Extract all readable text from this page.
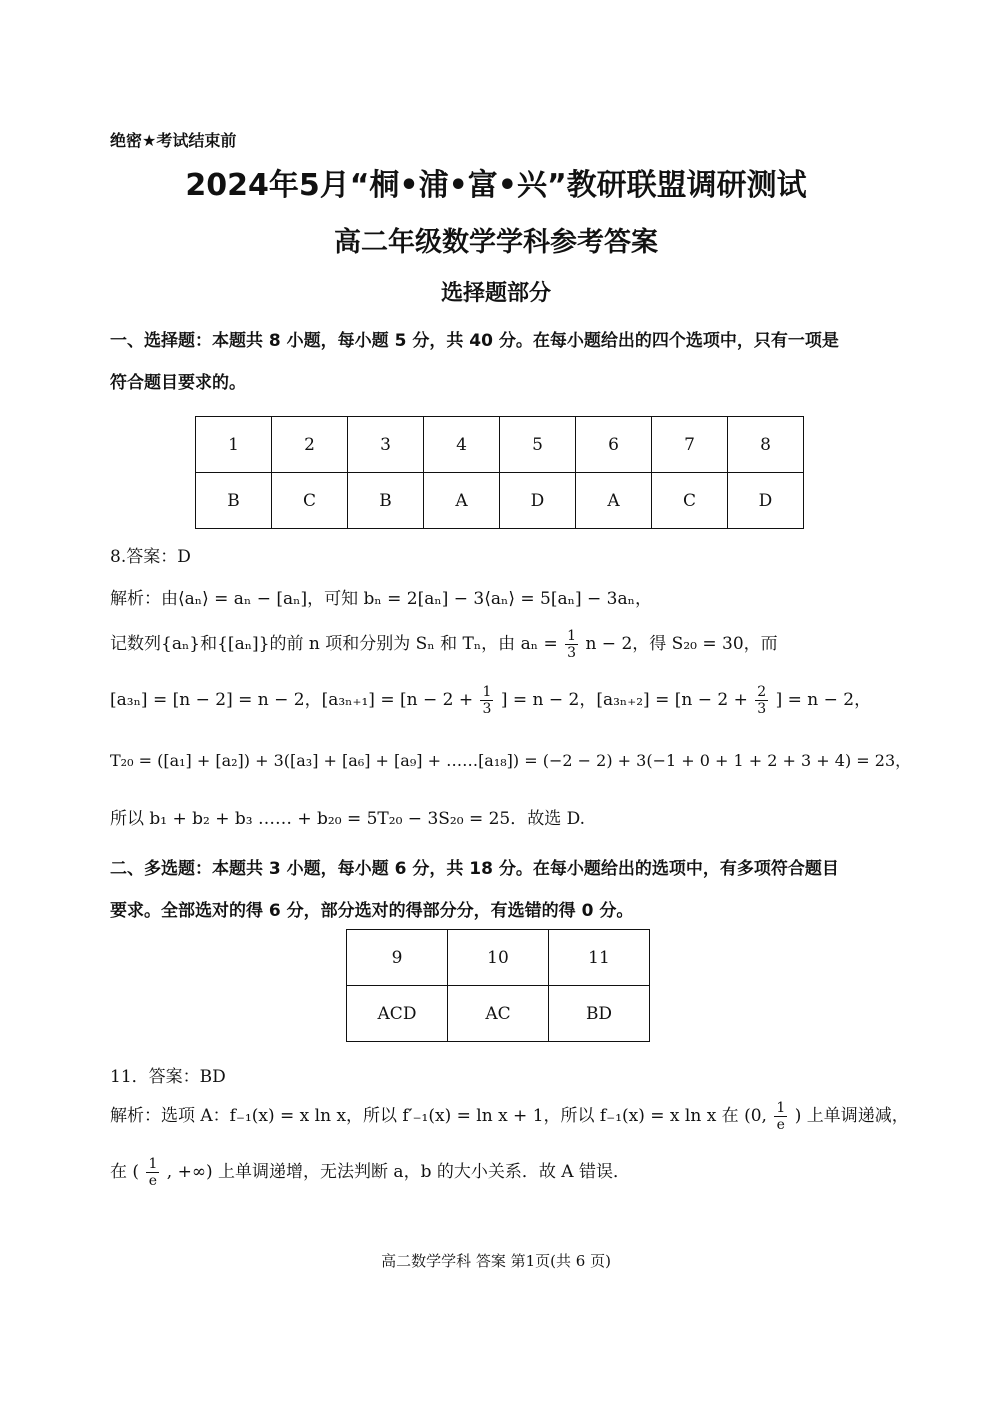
绝密★考试结束前
2024年5月“桐•浦•富•兴”教研联盟调研测试
高二年级数学学科参考答案
选择题部分
一、选择题：本题共 8 小题，每小题 5 分，共 40 分。在每小题给出的四个选项中，只有一项是
符合题目要求的。
1	2	3	4	5	6	7	8
B	C	B	A	D	A	C	D
8.答案：D
解析：由⟨aₙ⟩ = aₙ − [aₙ]，可知 bₙ = 2[aₙ] − 3⟨aₙ⟩ = 5[aₙ] − 3aₙ，
记数列{aₙ}和{[aₙ]}的前 n 项和分别为 Sₙ 和 Tₙ，由 $a_n = \frac{1}{3}$ n − 2，得 S₂₀ = 30，而
[a₃ₙ] = [n − 2] = n − 2，$[a_{3n+1}] = [n - 2 + \frac{1}{3}$ ] = n − 2，$[a_{3n+2}] = [n - 2 + \frac{2}{3}$ ] = n − 2，
T₂₀ = ([a₁] + [a₂]) + 3([a₃] + [a₆] + [a₉] + ……[a₁₈]) = (−2 − 2) + 3(−1 + 0 + 1 + 2 + 3 + 4) = 23，
所以 b₁ + b₂ + b₃ …… + b₂₀ = 5T₂₀ − 3S₂₀ = 25．故选 D.
二、多选题：本题共 3 小题，每小题 6 分，共 18 分。在每小题给出的选项中，有多项符合题目
要求。全部选对的得 6 分，部分选对的得部分分，有选错的得 0 分。
9	10	11
ACD	AC	BD
11．答案：BD
解析：选项 A：f₋₁(x) = x ln x，所以 f′₋₁(x) = ln x + 1，所以 f₋₁(x) = x ln x 在 (0, $\frac{1}{e}$ ) 上单调递减，
在 ( $\frac{1}{e}$ , +∞) 上单调递增，无法判断 a，b 的大小关系．故 A 错误．
高二数学学科 答案 第1页(共 6 页)
